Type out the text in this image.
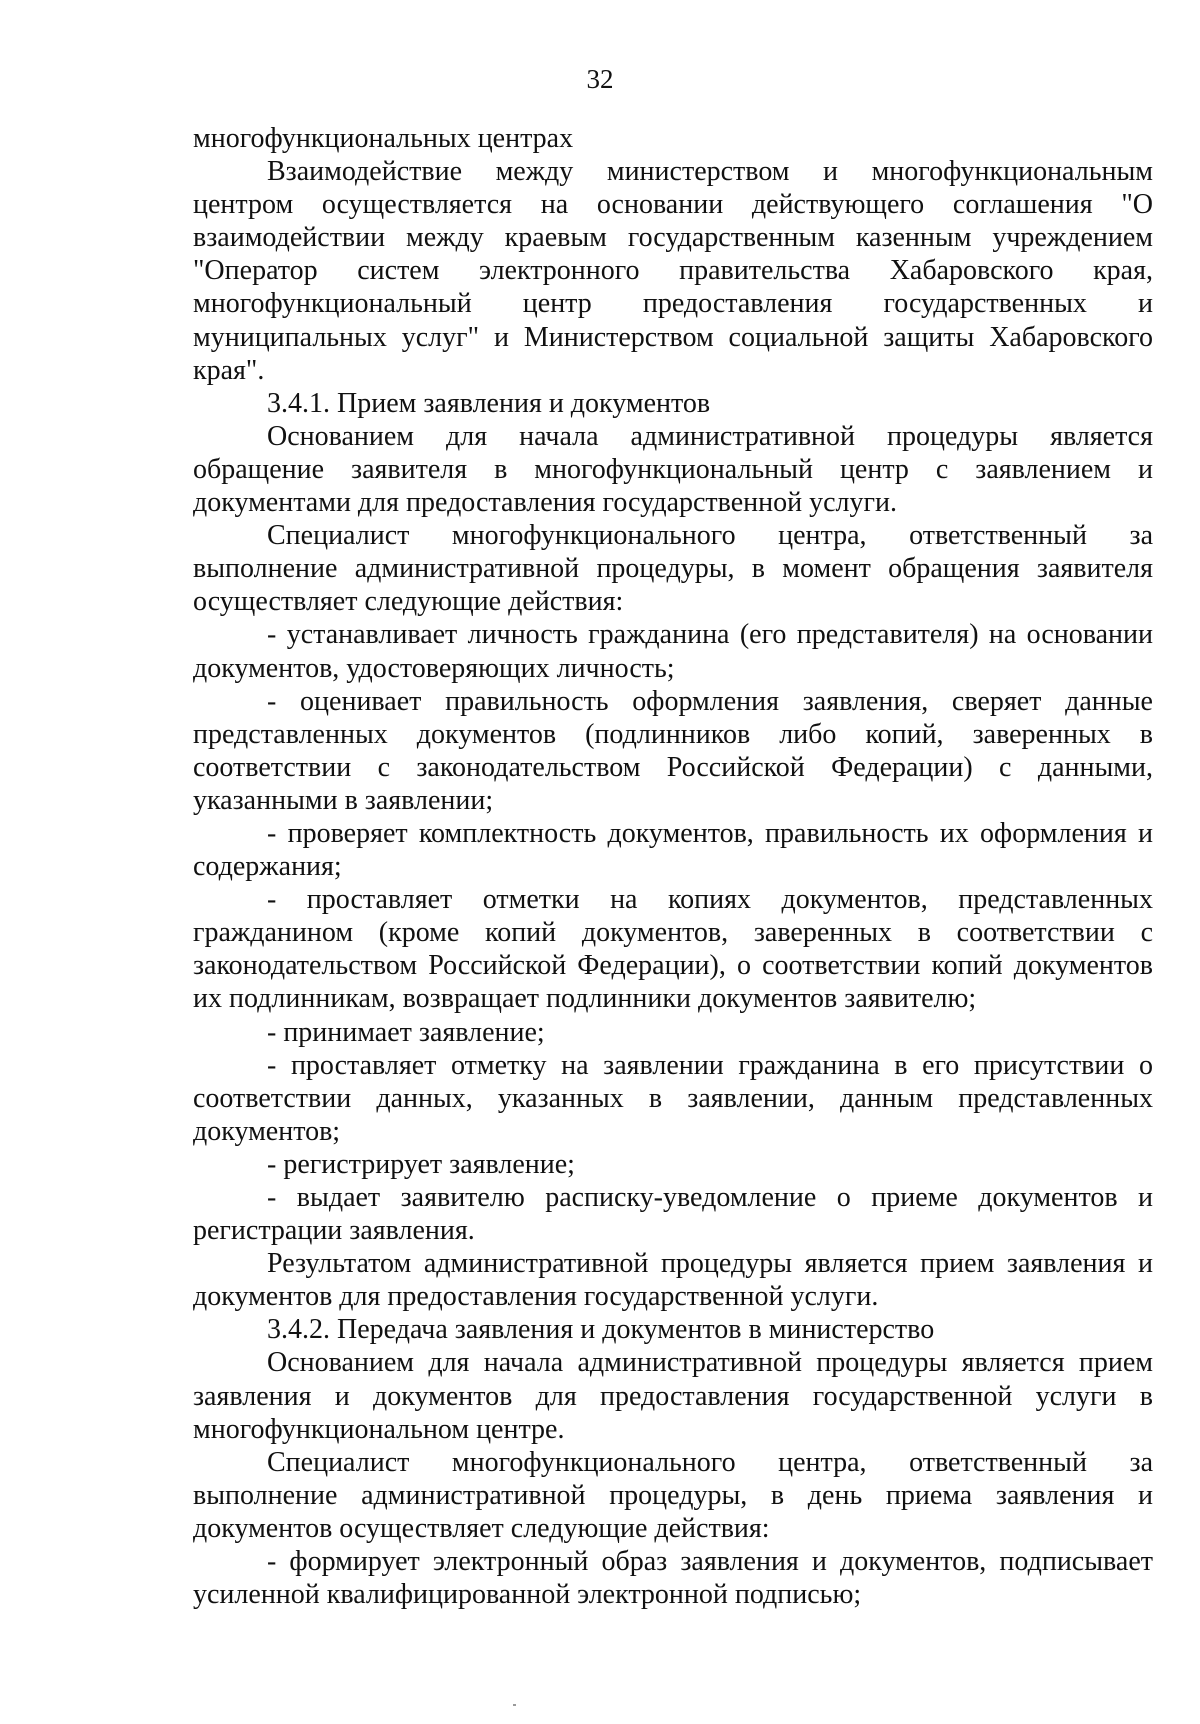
32

многофункциональных центрах

Взаимодействие между министерством и многофункциональным центром осуществляется на основании действующего соглашения "О взаимодействии между краевым государственным казенным учреждением "Оператор систем электронного правительства Хабаровского края, многофункциональный центр предоставления государственных и муниципальных услуг" и Министерством социальной защиты Хабаровского края".

3.4.1. Прием заявления и документов

Основанием для начала административной процедуры является обращение заявителя в многофункциональный центр с заявлением и документами для предоставления государственной услуги.

Специалист многофункционального центра, ответственный за выполнение административной процедуры, в момент обращения заявителя осуществляет следующие действия:

- устанавливает личность гражданина (его представителя) на основании документов, удостоверяющих личность;

- оценивает правильность оформления заявления, сверяет данные представленных документов (подлинников либо копий, заверенных в соответствии с законодательством Российской Федерации) с данными, указанными в заявлении;

- проверяет комплектность документов, правильность их оформления и содержания;

- проставляет отметки на копиях документов, представленных гражданином (кроме копий документов, заверенных в соответствии с законодательством Российской Федерации), о соответствии копий документов их подлинникам, возвращает подлинники документов заявителю;

- принимает заявление;

- проставляет отметку на заявлении гражданина в его присутствии о соответствии данных, указанных в заявлении, данным представленных документов;

- регистрирует заявление;

- выдает заявителю расписку-уведомление о приеме документов и регистрации заявления.

Результатом административной процедуры является прием заявления и документов для предоставления государственной услуги.

3.4.2. Передача заявления и документов в министерство

Основанием для начала административной процедуры является прием заявления и документов для предоставления государственной услуги в многофункциональном центре.

Специалист многофункционального центра, ответственный за выполнение административной процедуры, в день приема заявления и документов осуществляет следующие действия:

- формирует электронный образ заявления и документов, подписывает усиленной квалифицированной электронной подписью;
